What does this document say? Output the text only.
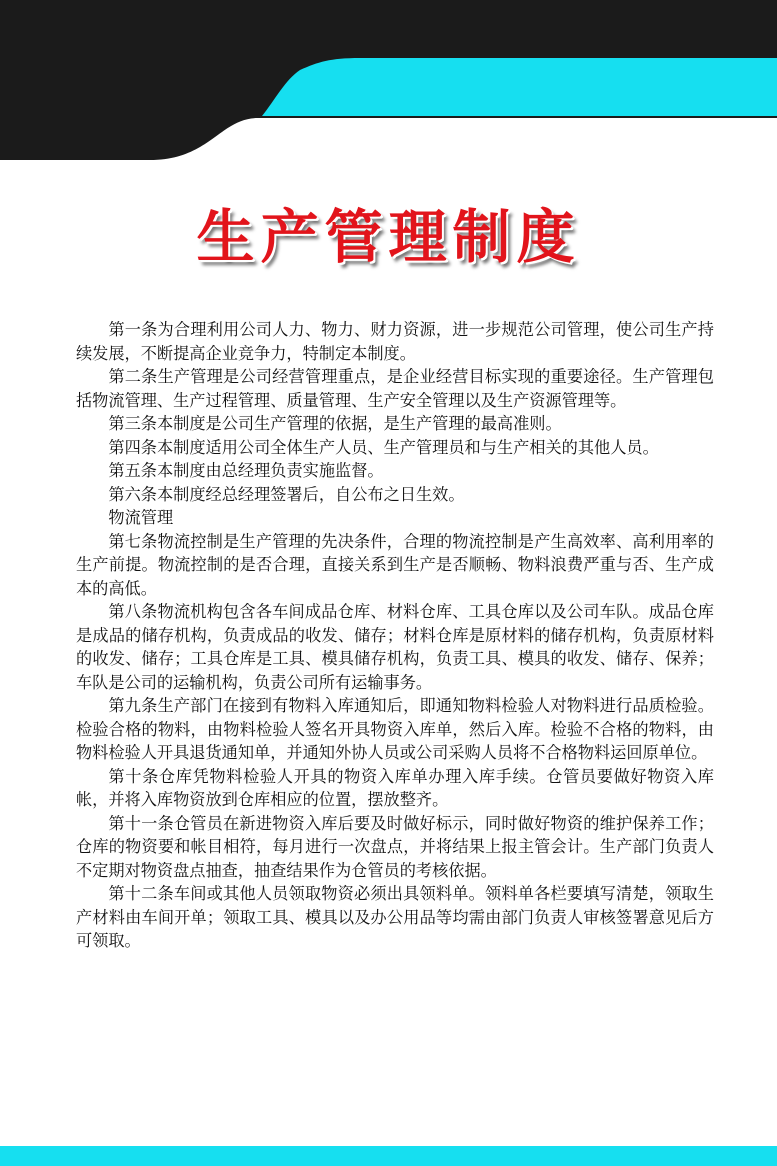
生产管理制度

第一条为合理利用公司人力、物力、财力资源，进一步规范公司管理，使公司生产持续发展，不断提高企业竞争力，特制定本制度。

第二条生产管理是公司经营管理重点，是企业经营目标实现的重要途径。生产管理包括物流管理、生产过程管理、质量管理、生产安全管理以及生产资源管理等。

第三条本制度是公司生产管理的依据，是生产管理的最高准则。

第四条本制度适用公司全体生产人员、生产管理员和与生产相关的其他人员。

第五条本制度由总经理负责实施监督。

第六条本制度经总经理签署后，自公布之日生效。

物流管理

第七条物流控制是生产管理的先决条件，合理的物流控制是产生高效率、高利用率的生产前提。物流控制的是否合理，直接关系到生产是否顺畅、物料浪费严重与否、生产成本的高低。

第八条物流机构包含各车间成品仓库、材料仓库、工具仓库以及公司车队。成品仓库是成品的储存机构，负责成品的收发、储存；材料仓库是原材料的储存机构，负责原材料的收发、储存；工具仓库是工具、模具储存机构，负责工具、模具的收发、储存、保养；车队是公司的运输机构，负责公司所有运输事务。

第九条生产部门在接到有物料入库通知后，即通知物料检验人对物料进行品质检验。检验合格的物料，由物料检验人签名开具物资入库单，然后入库。检验不合格的物料，由物料检验人开具退货通知单，并通知外协人员或公司采购人员将不合格物料运回原单位。

第十条仓库凭物料检验人开具的物资入库单办理入库手续。仓管员要做好物资入库帐，并将入库物资放到仓库相应的位置，摆放整齐。

第十一条仓管员在新进物资入库后要及时做好标示，同时做好物资的维护保养工作；仓库的物资要和帐目相符，每月进行一次盘点，并将结果上报主管会计。生产部门负责人不定期对物资盘点抽查，抽查结果作为仓管员的考核依据。

第十二条车间或其他人员领取物资必须出具领料单。领料单各栏要填写清楚，领取生产材料由车间开单；领取工具、模具以及办公用品等均需由部门负责人审核签署意见后方可领取。
